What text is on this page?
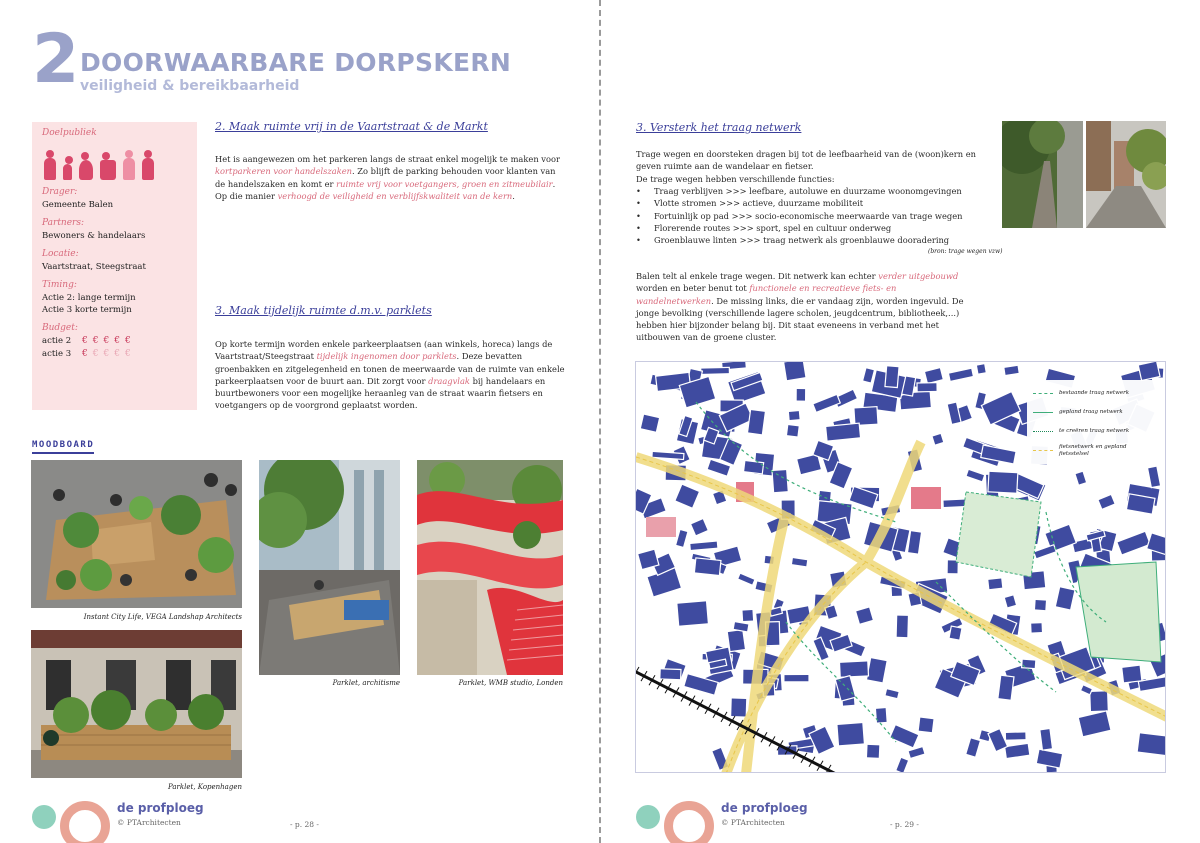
2 DOORWAARBARE DORPSKERN
veiligheid & bereikbaarheid
Doelpubliek
Drager:
Gemeente Balen
Partners:
Bewoners & handelaars
Locatie:
Vaartstraat, Steegstraat
Timing:
Actie 2: lange termijn
Actie 3 korte termijn
Budget:
actie 2	€ € € € €
actie 3	€ € € € €
2. Maak ruimte vrij in de Vaartstraat & de Markt

Het is aangewezen om het parkeren langs de straat enkel mogelijk te maken voor kortparkeren voor handelszaken. Zo blijft de parking behouden voor klanten van de handelszaken en komt er ruimte vrij voor voetgangers, groen en zitmeubilair. Op die manier verhoogd de veiligheid en verblijfskwaliteit van de kern.

3. Maak tijdelijk ruimte d.m.v. parklets

Op korte termijn worden enkele parkeerplaatsen (aan winkels, horeca) langs de Vaartstraat/Steegstraat tijdelijk ingenomen door parklets. Deze bevatten groenbakken en zitgelegenheid en tonen de meerwaarde van de ruimte van enkele parkeerplaatsen voor de buurt aan. Dit zorgt voor draagvlak bij handelaars en buurtbewoners voor een mogelijke heraanleg van de straat waarin fietsers en voetgangers op de voorgrond geplaatst worden.

MOODBOARD
Instant City Life, VEGA Landshap Architects
Parklet, architisme	Parklet, WMB studio, Londen
Parklet, Kopenhagen
de profploeg
© PTArchitecten	- p. 28 -
3. Versterk het traag netwerk

Trage wegen en doorsteken dragen bij tot de leefbaarheid van de (woon)kern en geven ruimte aan de wandelaar en fietser.

De trage wegen hebben verschillende functies:

• Traag verblijven >>> leefbare, autoluwe en duurzame woonomgevingen
• Vlotte stromen >>> actieve, duurzame mobiliteit
• Fortuinlijk op pad >>> socio-economische meerwaarde van trage wegen
• Florerende routes >>> sport, spel en cultuur onderweg
• Groenblauwe linten >>> traag netwerk als groenblauwe dooradering
(bron: trage wegen vzw)

Balen telt al enkele trage wegen. Dit netwerk kan echter verder uitgebouwd worden en beter benut tot functionele en recreatieve fiets- en wandelnetwerken. De missing links, die er vandaag zijn, worden ingevuld. De jonge bevolking (verschillende lagere scholen, jeugdcentrum, bibliotheek,...) hebben hier bijzonder belang bij. Dit staat eveneens in verband met het uitbouwen van de groene cluster.

bestaande traag netwerk
gepland traag netwerk
te creëren traag netwerk
fietsnetwerk en gepland fietsstelsel
de profploeg
© PTArchitecten	- p. 29 -
